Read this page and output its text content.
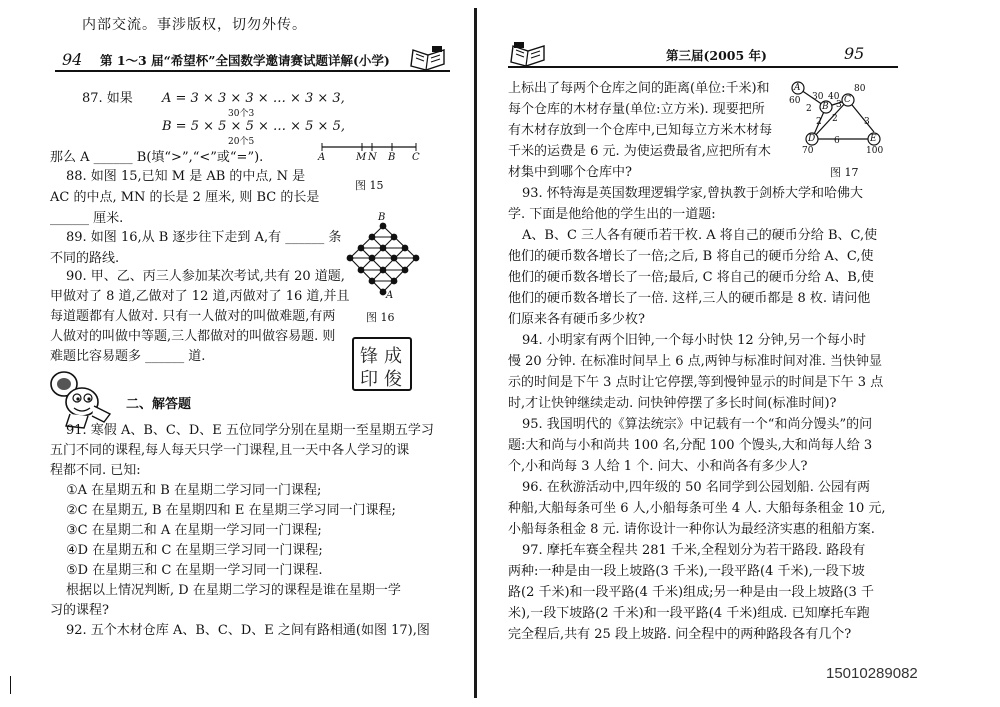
内部交流。事涉版权，切勿外传。
94 第 1～3 届“希望杯”全国数学邀请赛试题详解(小学)
87. 如果 A = 3 × 3 × 3 × … × 3 × 3,
30个3
B = 5 × 5 × 5 × … × 5 × 5,
20个5
那么 A ______ B(填“>”,“<”或“=”).	A	M N B C
图 15
88. 如图 15,已知 M 是 AB 的中点, N 是
AC 的中点, MN 的长是 2 厘米, 则 BC 的长是
______ 厘米.
89. 如图 16,从 B 逐步往下走到 A,有 ______ 条
不同的路线.
B
A
图 16
90. 甲、乙、丙三人参加某次考试,共有 20 道题,
甲做对了 8 道,乙做对了 12 道,丙做对了 16 道,并且
每道题都有人做对. 只有一人做对的叫做难题,有两
人做对的叫做中等题,三人都做对的叫做容易题. 则
难题比容易题多 ______ 道.	锋 成
印 俊
二、解答题
91. 寒假 A、B、C、D、E 五位同学分别在星期一至星期五学习
五门不同的课程,每人每天只学一门课程,且一天中各人学习的课
程都不同. 已知:
①A 在星期五和 B 在星期二学习同一门课程;
②C 在星期五, B 在星期四和 E 在星期三学习同一门课程;
③C 在星期二和 A 在星期一学习同一门课程;
④D 在星期五和 C 在星期三学习同一门课程;
⑤D 在星期三和 C 在星期一学习同一门课程.
根据以上情况判断, D 在星期二学习的课程是谁在星期一学
习的课程?
92. 五个木材仓库 A、B、C、D、E 之间有路相通(如图 17),图
第三届(2005 年)	95
上标出了每两个仓库之间的距离(单位:千米)和
每个仓库的木材存量(单位:立方米). 现要把所
有木材存放到一个仓库中,已知每立方米木材每
千米的运费是 6 元. 为使运费最省,应把所有木
材集中到哪个仓库中?
A
B
C
D	E
60 30
80
70	100
2
40
3
2	3
6
2
图 17
93. 怀特海是英国数理逻辑学家,曾执教于剑桥大学和哈佛大
学. 下面是他给他的学生出的一道题:
A、B、C 三人各有硬币若干枚. A 将自己的硬币分给 B、C,使
他们的硬币数各增长了一倍;之后, B 将自己的硬币分给 A、C,使
他们的硬币数各增长了一倍;最后, C 将自己的硬币分给 A、B,使
他们的硬币数各增长了一倍. 这样,三人的硬币都是 8 枚. 请问他
们原来各有硬币多少枚?
94. 小明家有两个旧钟,一个每小时快 12 分钟,另一个每小时
慢 20 分钟. 在标准时间早上 6 点,两钟与标准时间对准. 当快钟显
示的时间是下午 3 点时让它停摆,等到慢钟显示的时间是下午 3 点
时,才让快钟继续走动. 问快钟停摆了多长时间(标准时间)?
95. 我国明代的《算法统宗》中记载有一个“和尚分馒头”的问
题:大和尚与小和尚共 100 名,分配 100 个馒头,大和尚每人给 3
个,小和尚每 3 人给 1 个. 问大、小和尚各有多少人?
96. 在秋游活动中,四年级的 50 名同学到公园划船. 公园有两
种船,大船每条可坐 6 人,小船每条可坐 4 人. 大船每条租金 10 元,
小船每条租金 8 元. 请你设计一种你认为最经济实惠的租船方案.
97. 摩托车赛全程共 281 千米,全程划分为若干路段. 路段有
两种:一种是由一段上坡路(3 千米),一段平路(4 千米),一段下坡
路(2 千米)和一段平路(4 千米)组成;另一种是由一段上坡路(3 千
米),一段下坡路(2 千米)和一段平路(4 千米)组成. 已知摩托车跑
完全程后,共有 25 段上坡路. 问全程中的两种路段各有几个?
15010289082
